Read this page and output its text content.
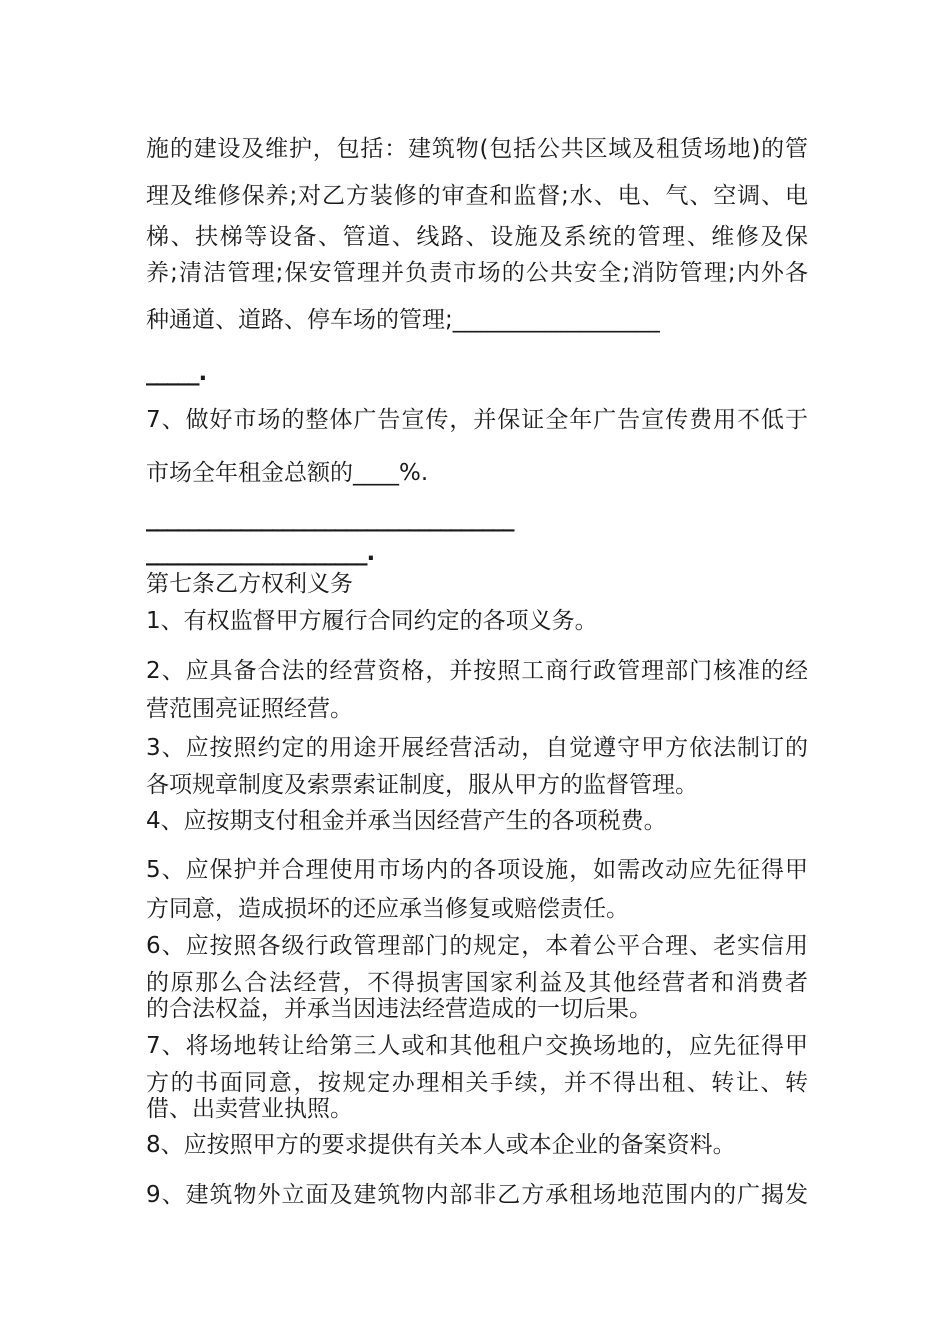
施的建设及维护，包括：建筑物(包括公共区域及租赁场地)的管

理及维修保养;对乙方装修的审查和监督;水、电、气、空调、电

梯、扶梯等设备、管道、线路、设施及系统的管理、维修及保

养;清洁管理;保安管理并负责市场的公共安全;消防管理;内外各

种通道、道路、停车场的管理;__________________

_____.

7、做好市场的整体广告宣传，并保证全年广告宣传费用不低于

市场全年租金总额的____%.

___________________________________

_____________________.

第七条乙方权利义务

1、有权监督甲方履行合同约定的各项义务。

2、应具备合法的经营资格，并按照工商行政管理部门核准的经

营范围亮证照经营。

3、应按照约定的用途开展经营活动，自觉遵守甲方依法制订的

各项规章制度及索票索证制度，服从甲方的监督管理。

4、应按期支付租金并承当因经营产生的各项税费。

5、应保护并合理使用市场内的各项设施，如需改动应先征得甲

方同意，造成损坏的还应承当修复或赔偿责任。

6、应按照各级行政管理部门的规定，本着公平合理、老实信用

的原那么合法经营，不得损害国家利益及其他经营者和消费者

的合法权益，并承当因违法经营造成的一切后果。

7、将场地转让给第三人或和其他租户交换场地的，应先征得甲

方的书面同意，按规定办理相关手续，并不得出租、转让、转

借、出卖营业执照。

8、应按照甲方的要求提供有关本人或本企业的备案资料。

9、建筑物外立面及建筑物内部非乙方承租场地范围内的广揭发
